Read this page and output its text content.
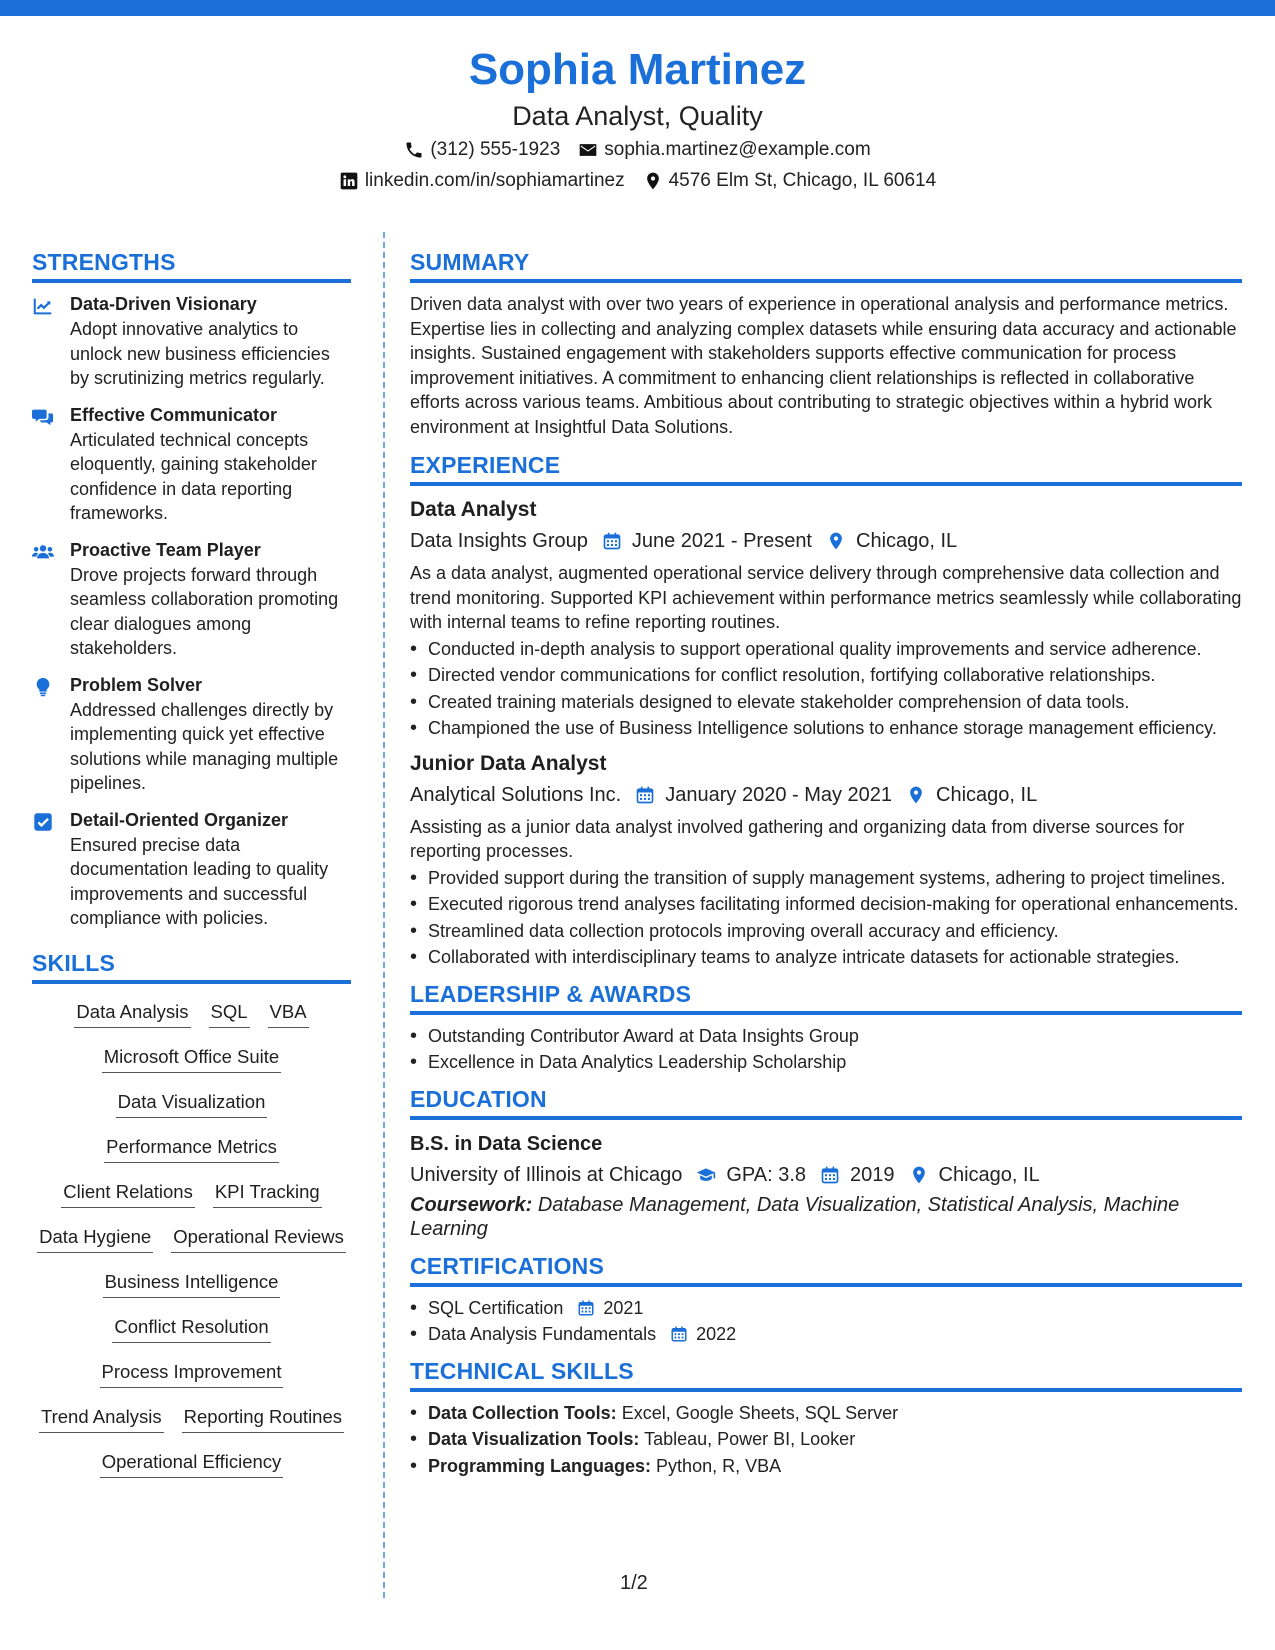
Sophia Martinez
Data Analyst, Quality
(312) 555-1923 sophia.martinez@example.com
linkedin.com/in/sophiamartinez 4576 Elm St, Chicago, IL 60614
STRENGTHS
Data-Driven Visionary
Adopt innovative analytics to unlock new business efficiencies by scrutinizing metrics regularly.
Effective Communicator
Articulated technical concepts eloquently, gaining stakeholder confidence in data reporting frameworks.
Proactive Team Player
Drove projects forward through seamless collaboration promoting clear dialogues among stakeholders.
Problem Solver
Addressed challenges directly by implementing quick yet effective solutions while managing multiple pipelines.
Detail-Oriented Organizer
Ensured precise data documentation leading to quality improvements and successful compliance with policies.
SKILLS
Data Analysis SQL VBA
Microsoft Office Suite
Data Visualization
Performance Metrics
Client Relations KPI Tracking
Data Hygiene Operational Reviews
Business Intelligence
Conflict Resolution
Process Improvement
Trend Analysis Reporting Routines
Operational Efficiency
SUMMARY
Driven data analyst with over two years of experience in operational analysis and performance metrics. Expertise lies in collecting and analyzing complex datasets while ensuring data accuracy and actionable insights. Sustained engagement with stakeholders supports effective communication for process improvement initiatives. A commitment to enhancing client relationships is reflected in collaborative efforts across various teams. Ambitious about contributing to strategic objectives within a hybrid work environment at Insightful Data Solutions.
EXPERIENCE
Data Analyst
Data Insights Group June 2021 - Present Chicago, IL
As a data analyst, augmented operational service delivery through comprehensive data collection and trend monitoring. Supported KPI achievement within performance metrics seamlessly while collaborating with internal teams to refine reporting routines.
• Conducted in-depth analysis to support operational quality improvements and service adherence.
• Directed vendor communications for conflict resolution, fortifying collaborative relationships.
• Created training materials designed to elevate stakeholder comprehension of data tools.
• Championed the use of Business Intelligence solutions to enhance storage management efficiency.
Junior Data Analyst
Analytical Solutions Inc. January 2020 - May 2021 Chicago, IL
Assisting as a junior data analyst involved gathering and organizing data from diverse sources for reporting processes.
• Provided support during the transition of supply management systems, adhering to project timelines.
• Executed rigorous trend analyses facilitating informed decision-making for operational enhancements.
• Streamlined data collection protocols improving overall accuracy and efficiency.
• Collaborated with interdisciplinary teams to analyze intricate datasets for actionable strategies.
LEADERSHIP & AWARDS
• Outstanding Contributor Award at Data Insights Group
• Excellence in Data Analytics Leadership Scholarship
EDUCATION
B.S. in Data Science
University of Illinois at Chicago GPA: 3.8 2019 Chicago, IL
Coursework: Database Management, Data Visualization, Statistical Analysis, Machine Learning
CERTIFICATIONS
• SQL Certification 2021
• Data Analysis Fundamentals 2022
TECHNICAL SKILLS
• Data Collection Tools: Excel, Google Sheets, SQL Server
• Data Visualization Tools: Tableau, Power BI, Looker
• Programming Languages: Python, R, VBA
1/2
